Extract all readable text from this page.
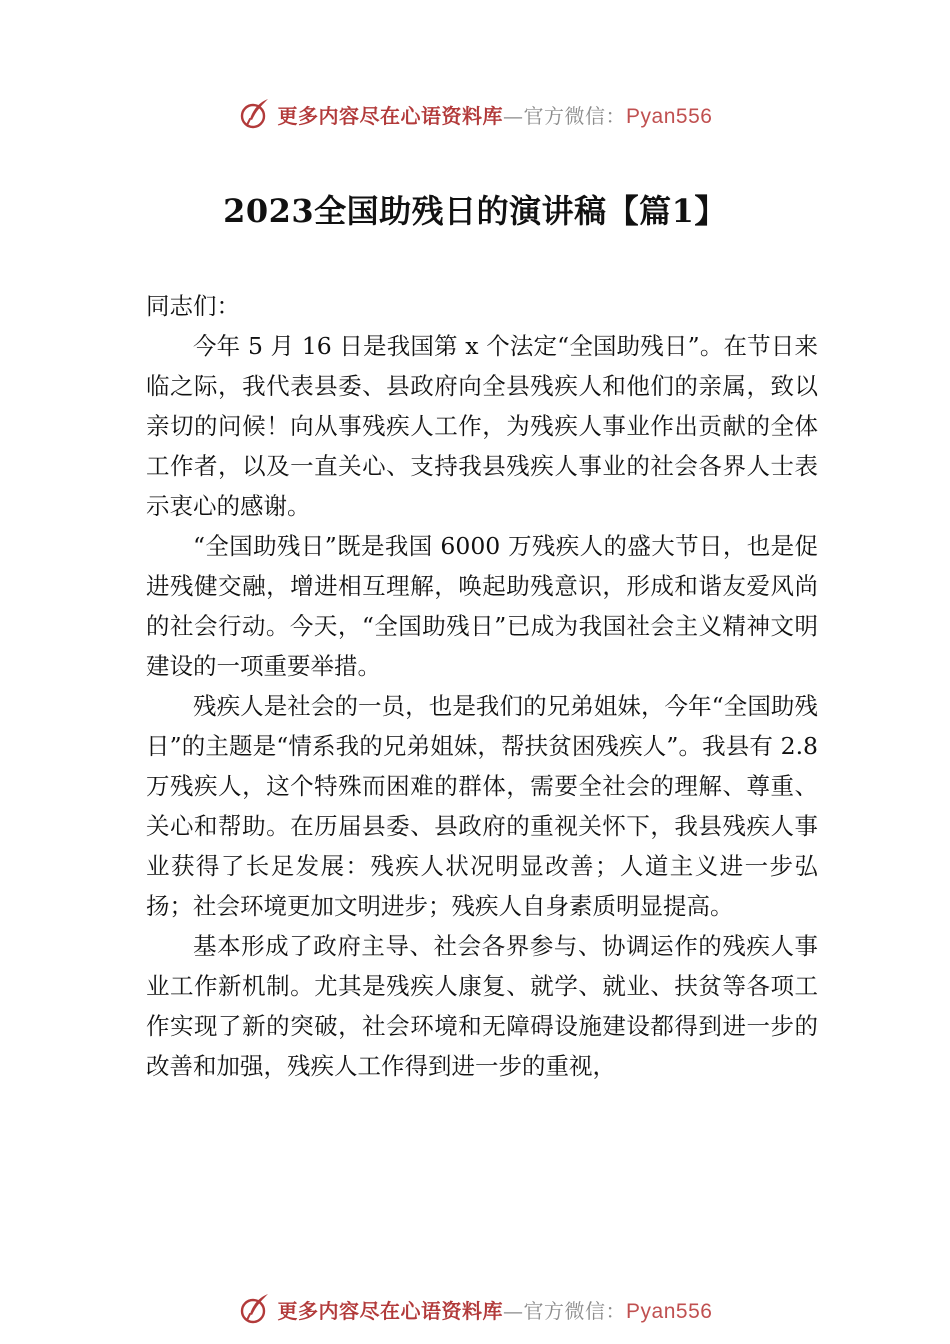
更多内容尽在心语资料库—官方微信：Pyan556
2023全国助残日的演讲稿【篇1】

同志们：

今年 5 月 16 日是我国第 x 个法定“全国助残日”。在节日来临之际，我代表县委、县政府向全县残疾人和他们的亲属，致以亲切的问候！向从事残疾人工作，为残疾人事业作出贡献的全体工作者，以及一直关心、支持我县残疾人事业的社会各界人士表示衷心的感谢。

“全国助残日”既是我国 6000 万残疾人的盛大节日，也是促进残健交融，增进相互理解，唤起助残意识，形成和谐友爱风尚的社会行动。今天，“全国助残日”已成为我国社会主义精神文明建设的一项重要举措。

残疾人是社会的一员，也是我们的兄弟姐妹，今年“全国助残日”的主题是“情系我的兄弟姐妹，帮扶贫困残疾人”。我县有 2.8 万残疾人，这个特殊而困难的群体，需要全社会的理解、尊重、关心和帮助。在历届县委、县政府的重视关怀下，我县残疾人事业获得了长足发展：残疾人状况明显改善；人道主义进一步弘扬；社会环境更加文明进步；残疾人自身素质明显提高。

基本形成了政府主导、社会各界参与、协调运作的残疾人事业工作新机制。尤其是残疾人康复、就学、就业、扶贫等各项工作实现了新的突破，社会环境和无障碍设施建设都得到进一步的改善和加强，残疾人工作得到进一步的重视，

更多内容尽在心语资料库—官方微信：Pyan556
